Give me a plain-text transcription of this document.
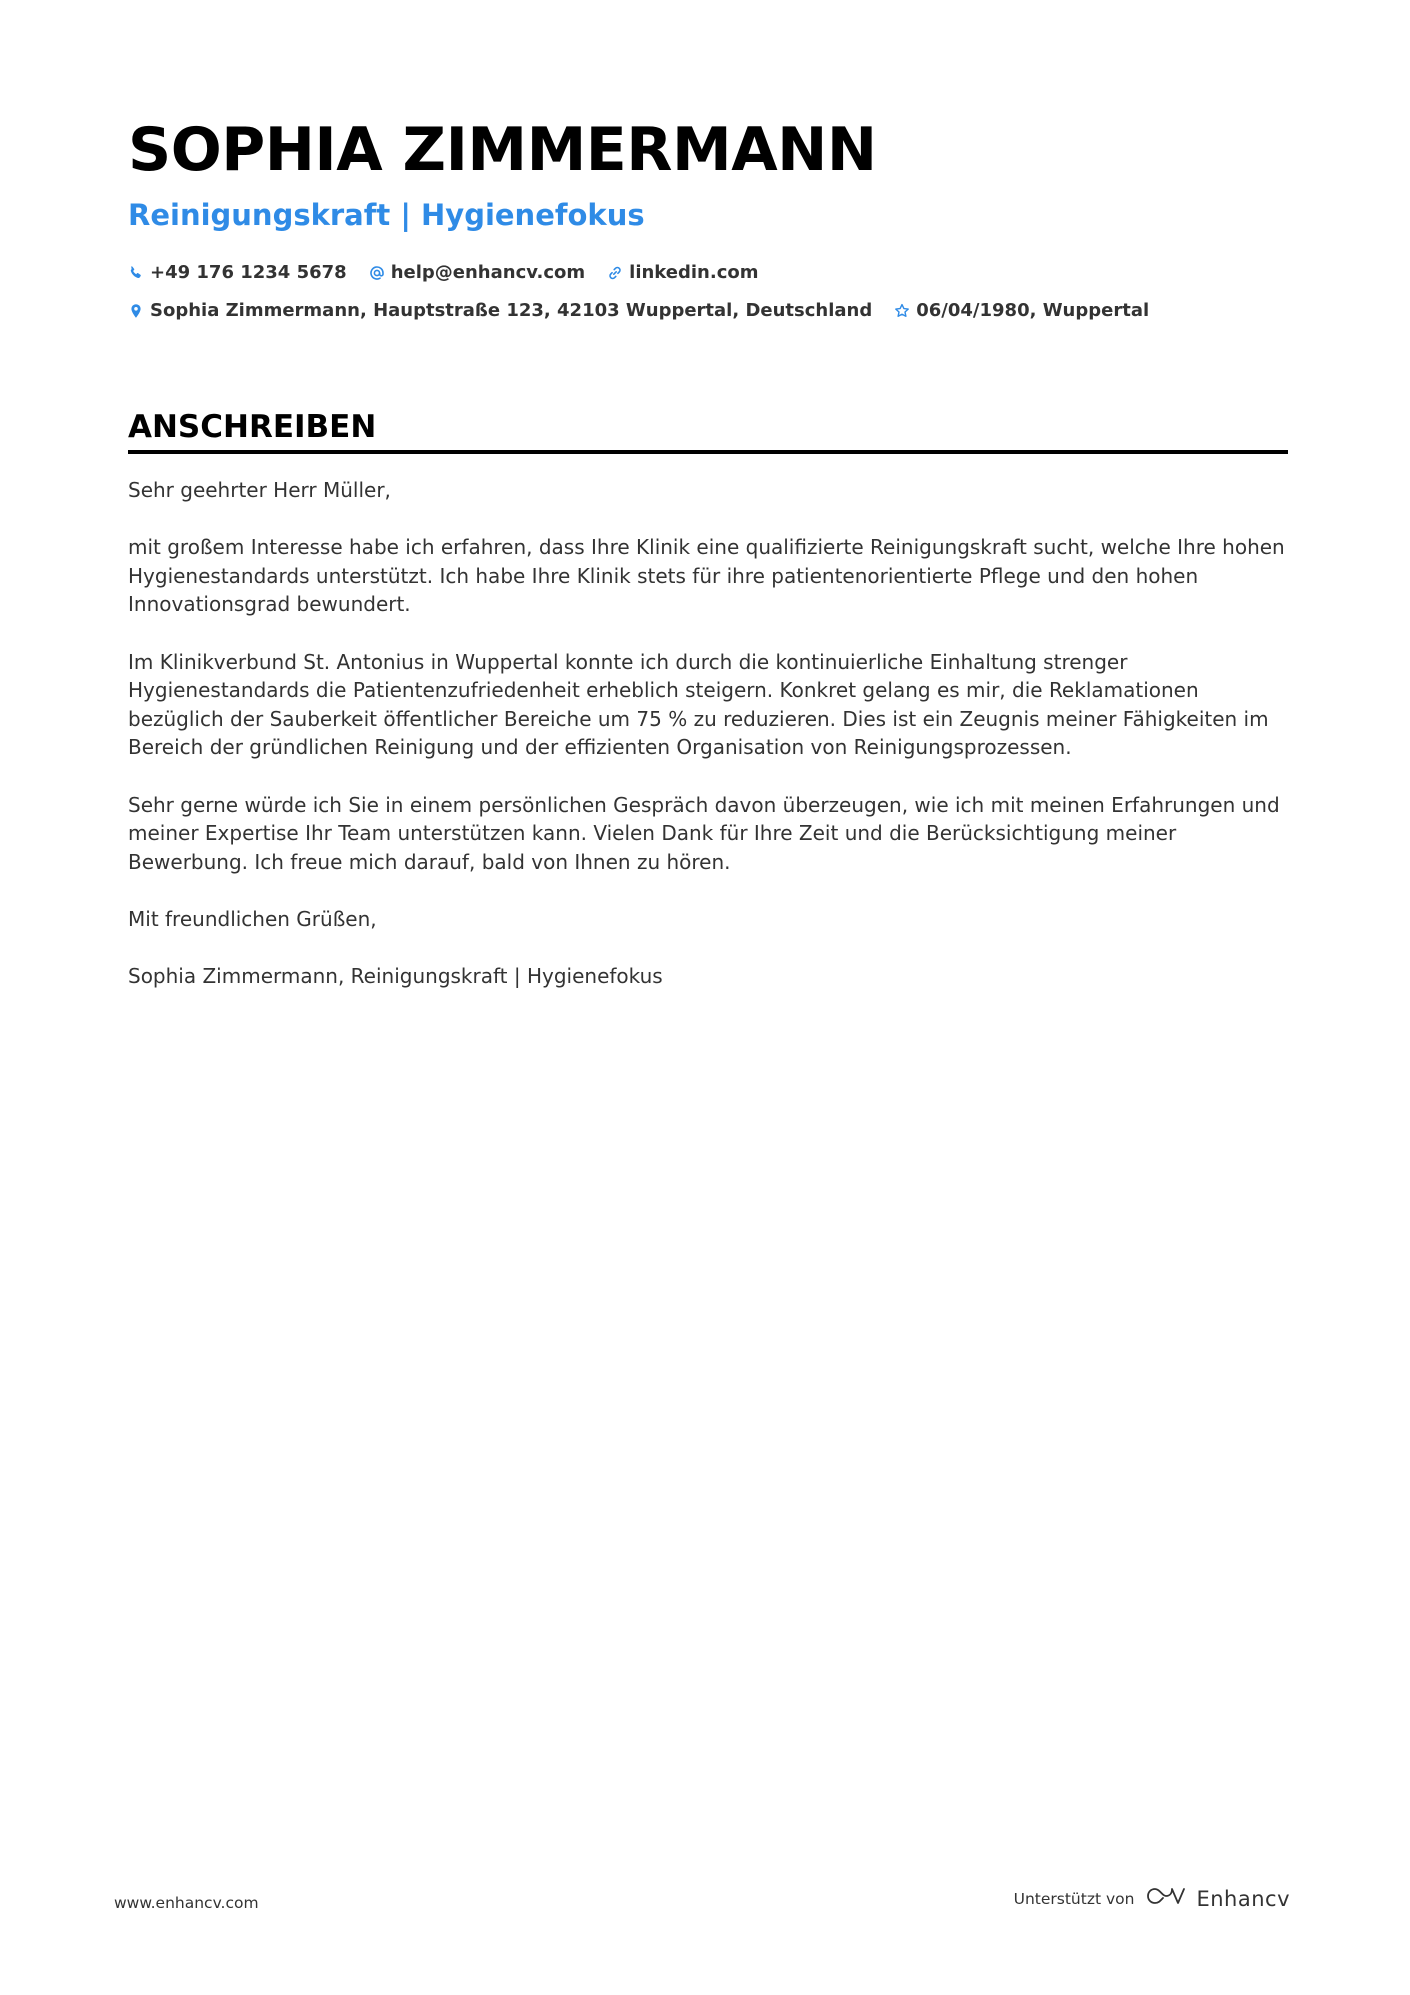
SOPHIA ZIMMERMANN
Reinigungskraft | Hygienefokus
+49 176 1234 5678 help@enhancv.com linkedin.com
Sophia Zimmermann, Hauptstraße 123, 42103 Wuppertal, Deutschland 06/04/1980, Wuppertal
ANSCHREIBEN

Sehr geehrter Herr Müller,

mit großem Interesse habe ich erfahren, dass Ihre Klinik eine qualifizierte Reinigungskraft sucht, welche Ihre hohen Hygienestandards unterstützt. Ich habe Ihre Klinik stets für ihre patientenorientierte Pflege und den hohen Innovationsgrad bewundert.

Im Klinikverbund St. Antonius in Wuppertal konnte ich durch die kontinuierliche Einhaltung strenger Hygienestandards die Patientenzufriedenheit erheblich steigern. Konkret gelang es mir, die Reklamationen bezüglich der Sauberkeit öffentlicher Bereiche um 75 % zu reduzieren. Dies ist ein Zeugnis meiner Fähigkeiten im Bereich der gründlichen Reinigung und der effizienten Organisation von Reinigungsprozessen.

Sehr gerne würde ich Sie in einem persönlichen Gespräch davon überzeugen, wie ich mit meinen Erfahrungen und meiner Expertise Ihr Team unterstützen kann. Vielen Dank für Ihre Zeit und die Berücksichtigung meiner Bewerbung. Ich freue mich darauf, bald von Ihnen zu hören.

Mit freundlichen Grüßen,

Sophia Zimmermann, Reinigungskraft | Hygienefokus

www.enhancv.com	Unterstützt von	Enhancv
